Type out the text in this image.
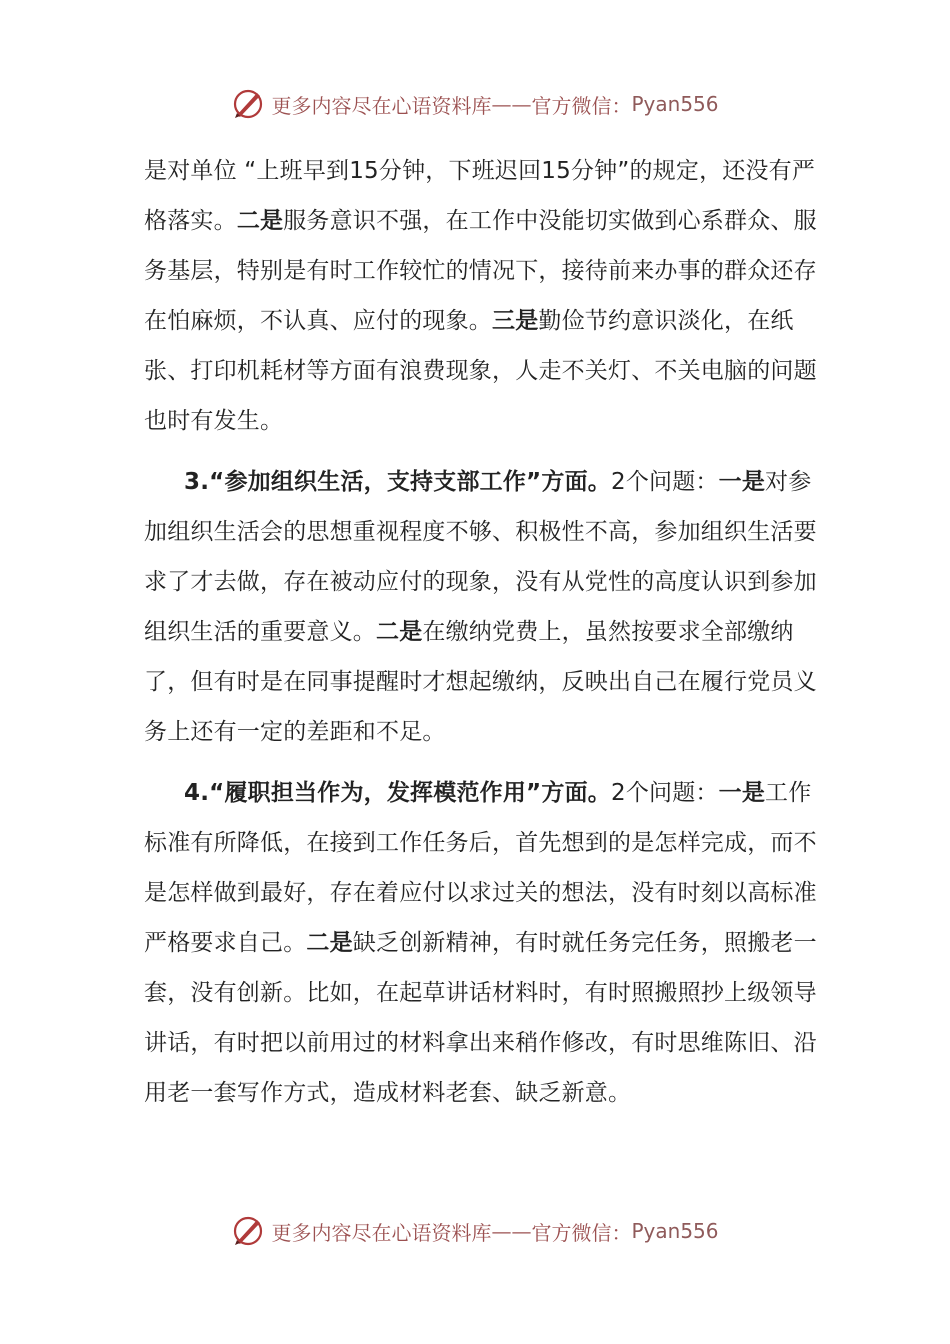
更多内容尽在心语资料库 —— 官方微信： Pyan556

是对单位 “上班早到15分钟，下班迟回15分钟”的规定，还没有严格落实。二是服务意识不强，在工作中没能切实做到心系群众、服务基层，特别是有时工作较忙的情况下，接待前来办事的群众还存在怕麻烦，不认真、应付的现象。三是勤俭节约意识淡化，在纸张、打印机耗材等方面有浪费现象，人走不关灯、不关电脑的问题也时有发生。

3.“参加组织生活，支持支部工作”方面。2个问题：一是对参加组织生活会的思想重视程度不够、积极性不高，参加组织生活要求了才去做，存在被动应付的现象，没有从党性的高度认识到参加组织生活的重要意义。二是在缴纳党费上，虽然按要求全部缴纳了，但有时是在同事提醒时才想起缴纳，反映出自己在履行党员义务上还有一定的差距和不足。

4.“履职担当作为，发挥模范作用”方面。2个问题：一是工作标准有所降低，在接到工作任务后，首先想到的是怎样完成，而不是怎样做到最好，存在着应付以求过关的想法，没有时刻以高标准严格要求自己。二是缺乏创新精神，有时就任务完任务，照搬老一套，没有创新。比如，在起草讲话材料时，有时照搬照抄上级领导讲话，有时把以前用过的材料拿出来稍作修改，有时思维陈旧、沿用老一套写作方式，造成材料老套、缺乏新意。

更多内容尽在心语资料库 —— 官方微信： Pyan556
